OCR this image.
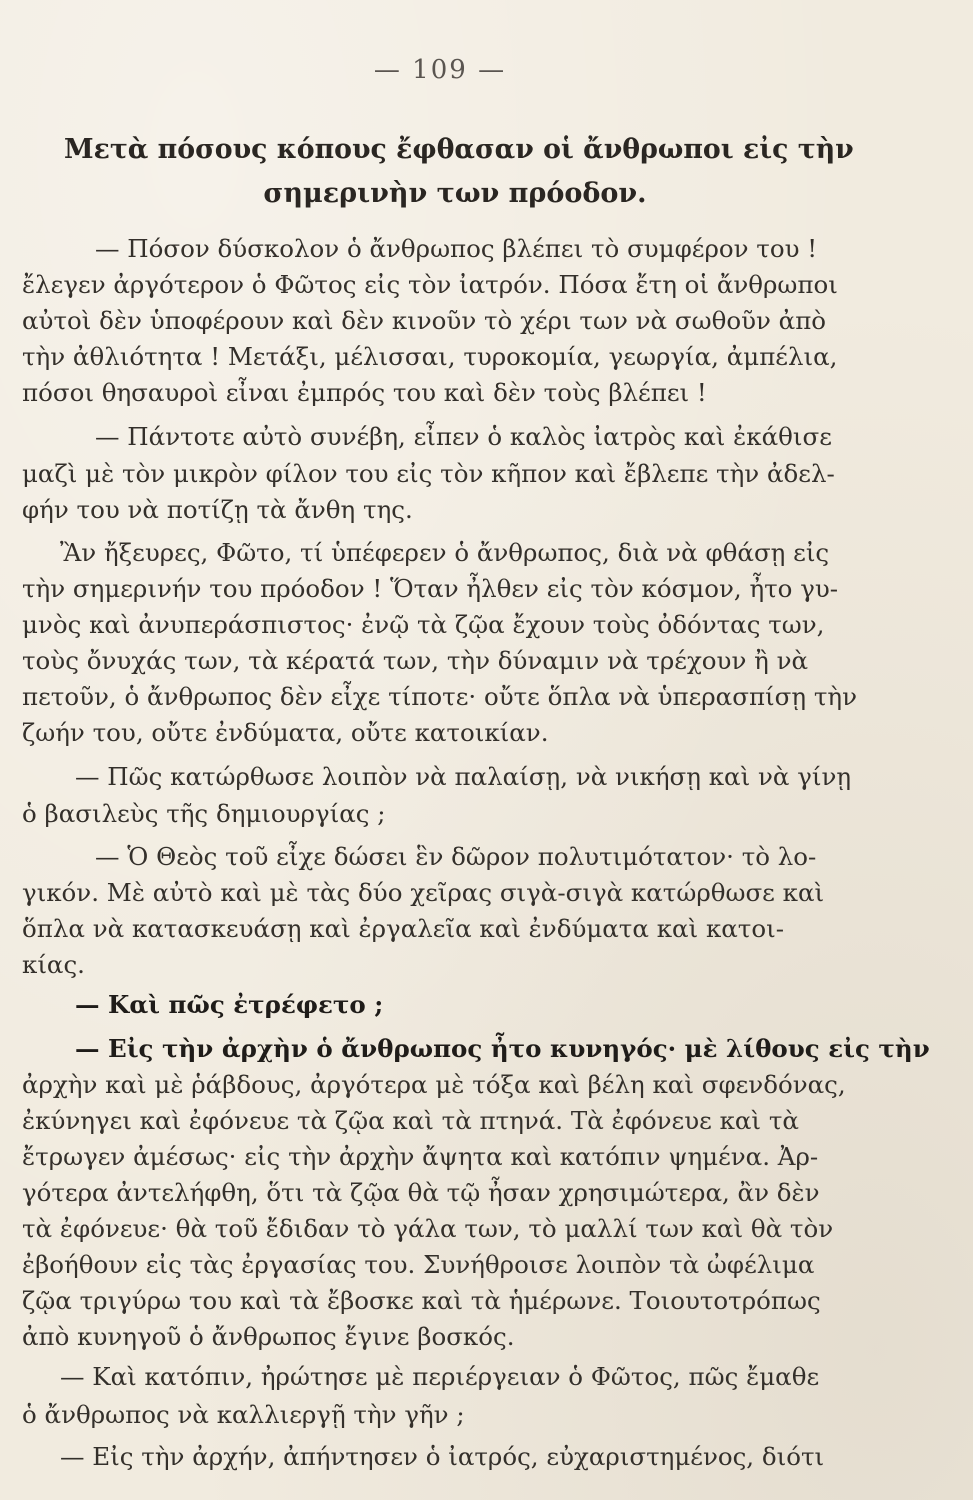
— 109 —
Μετὰ πόσους κόπους ἔφθασαν οἱ ἄνθρωποι εἰς τὴν
σημερινὴν των πρόοδον.
— Πόσον δύσκολον ὁ ἄνθρωπος βλέπει τὸ συμφέρον του !
ἔλεγεν ἀργότερον ὁ Φῶτος εἰς τὸν ἰατρόν. Πόσα ἔτη οἱ ἄνθρωποι
αὐτοὶ δὲν ὑποφέρουν καὶ δὲν κινοῦν τὸ χέρι των νὰ σωθοῦν ἀπὸ
τὴν ἀθλιότητα ! Μετάξι, μέλισσαι, τυροκομία, γεωργία, ἀμπέλια,
πόσοι θησαυροὶ εἶναι ἐμπρός του καὶ δὲν τοὺς βλέπει !
— Πάντοτε αὐτὸ συνέβη, εἶπεν ὁ καλὸς ἰατρὸς καὶ ἐκάθισε
μαζὶ μὲ τὸν μικρὸν φίλον του εἰς τὸν κῆπον καὶ ἔβλεπε τὴν ἀδελ-
φήν του νὰ ποτίζῃ τὰ ἄνθη της.
Ἂν ἤξευρες, Φῶτο, τί ὑπέφερεν ὁ ἄνθρωπος, διὰ νὰ φθάσῃ εἰς
τὴν σημερινήν του πρόοδον ! Ὅταν ἦλθεν εἰς τὸν κόσμον, ἦτο γυ-
μνὸς καὶ ἀνυπεράσπιστος· ἐνῷ τὰ ζῷα ἔχουν τοὺς ὀδόντας των,
τοὺς ὄνυχάς των, τὰ κέρατά των, τὴν δύναμιν νὰ τρέχουν ἢ νὰ
πετοῦν, ὁ ἄνθρωπος δὲν εἶχε τίποτε· οὔτε ὅπλα νὰ ὑπερασπίσῃ τὴν
ζωήν του, οὔτε ἐνδύματα, οὔτε κατοικίαν.
— Πῶς κατώρθωσε λοιπὸν νὰ παλαίσῃ, νὰ νικήσῃ καὶ νὰ γίνῃ
ὁ βασιλεὺς τῆς δημιουργίας ;
— Ὁ Θεὸς τοῦ εἶχε δώσει ἓν δῶρον πολυτιμότατον· τὸ λο-
γικόν. Μὲ αὐτὸ καὶ μὲ τὰς δύο χεῖρας σιγὰ-σιγὰ κατώρθωσε καὶ
ὅπλα νὰ κατασκευάσῃ καὶ ἐργαλεῖα καὶ ἐνδύματα καὶ κατοι-
κίας.
— Καὶ πῶς ἐτρέφετο ;
— Εἰς τὴν ἀρχὴν ὁ ἄνθρωπος ἦτο κυνηγός· μὲ λίθους εἰς τὴν
ἀρχὴν καὶ μὲ ῥάβδους, ἀργότερα μὲ τόξα καὶ βέλη καὶ σφενδόνας,
ἐκύνηγει καὶ ἐφόνευε τὰ ζῷα καὶ τὰ πτηνά. Τὰ ἐφόνευε καὶ τὰ
ἔτρωγεν ἀμέσως· εἰς τὴν ἀρχὴν ἄψητα καὶ κατόπιν ψημένα. Ἀρ-
γότερα ἀντελήφθη, ὅτι τὰ ζῷα θὰ τῷ ἦσαν χρησιμώτερα, ἂν δὲν
τὰ ἐφόνευε· θὰ τοῦ ἔδιδαν τὸ γάλα των, τὸ μαλλί των καὶ θὰ τὸν
ἐβοήθουν εἰς τὰς ἐργασίας του. Συνήθροισε λοιπὸν τὰ ὠφέλιμα
ζῷα τριγύρω του καὶ τὰ ἔβοσκε καὶ τὰ ἡμέρωνε. Τοιουτοτρόπως
ἀπὸ κυνηγοῦ ὁ ἄνθρωπος ἔγινε βοσκός.
— Καὶ κατόπιν, ἠρώτησε μὲ περιέργειαν ὁ Φῶτος, πῶς ἔμαθε
ὁ ἄνθρωπος νὰ καλλιεργῇ τὴν γῆν ;
— Εἰς τὴν ἀρχήν, ἀπήντησεν ὁ ἰατρός, εὐχαριστημένος, διότι
